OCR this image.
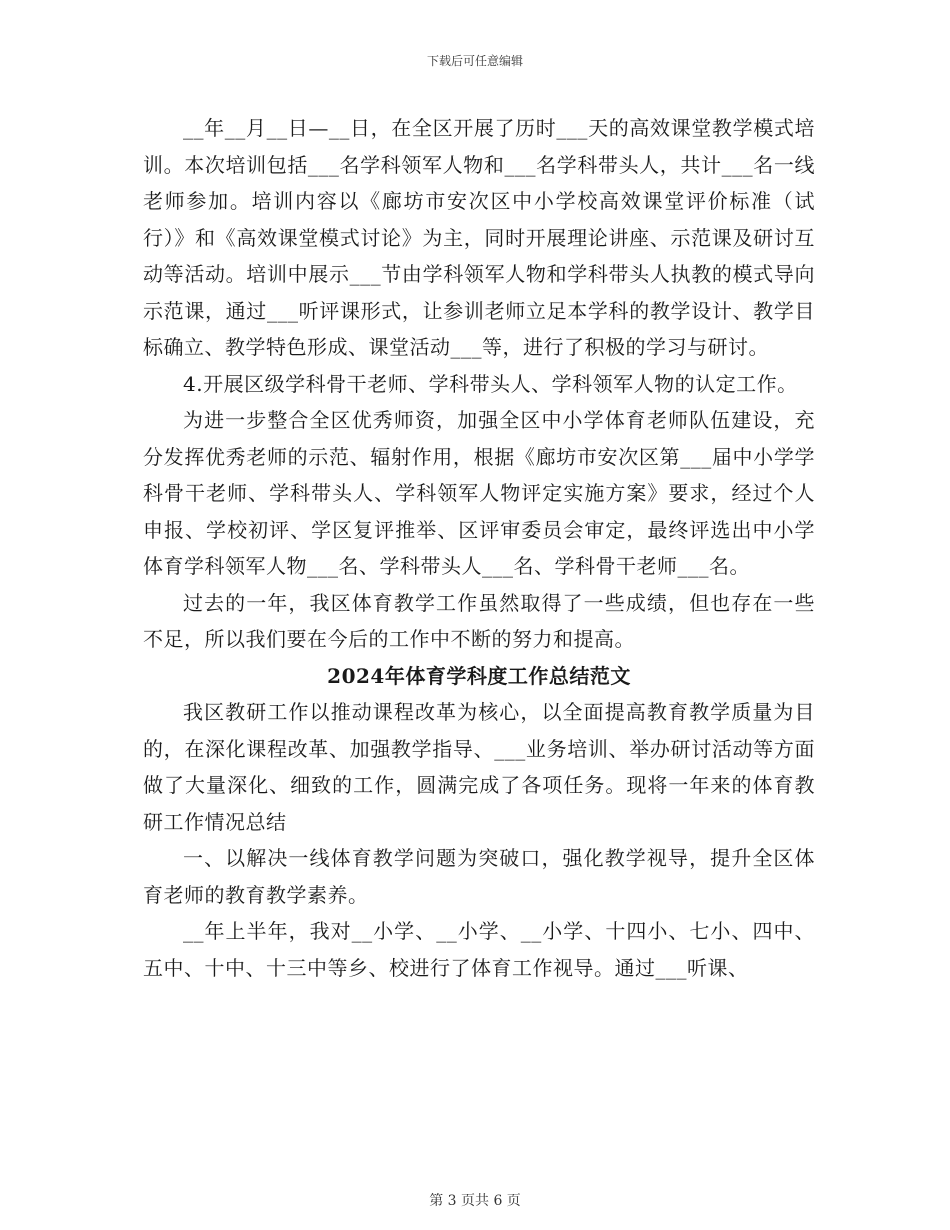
下载后可任意编辑

__年__月__日—__日，在全区开展了历时___天的高效课堂教学模式培训。本次培训包括___名学科领军人物和___名学科带头人，共计___名一线老师参加。培训内容以《廊坊市安次区中小学校高效课堂评价标准（试行）》和《高效课堂模式讨论》为主，同时开展理论讲座、示范课及研讨互动等活动。培训中展示___节由学科领军人物和学科带头人执教的模式导向示范课，通过___听评课形式，让参训老师立足本学科的教学设计、教学目标确立、教学特色形成、课堂活动___等，进行了积极的学习与研讨。

4.开展区级学科骨干老师、学科带头人、学科领军人物的认定工作。

为进一步整合全区优秀师资，加强全区中小学体育老师队伍建设，充分发挥优秀老师的示范、辐射作用，根据《廊坊市安次区第___届中小学学科骨干老师、学科带头人、学科领军人物评定实施方案》要求，经过个人申报、学校初评、学区复评推举、区评审委员会审定，最终评选出中小学体育学科领军人物___名、学科带头人___名、学科骨干老师___名。

过去的一年，我区体育教学工作虽然取得了一些成绩，但也存在一些不足，所以我们要在今后的工作中不断的努力和提高。

2024年体育学科度工作总结范文

我区教研工作以推动课程改革为核心，以全面提高教育教学质量为目的，在深化课程改革、加强教学指导、___业务培训、举办研讨活动等方面做了大量深化、细致的工作，圆满完成了各项任务。现将一年来的体育教研工作情况总结

一、以解决一线体育教学问题为突破口，强化教学视导，提升全区体育老师的教育教学素养。

__年上半年，我对__小学、__小学、__小学、十四小、七小、四中、五中、十中、十三中等乡、校进行了体育工作视导。通过___听课、

第 3 页共 6 页
